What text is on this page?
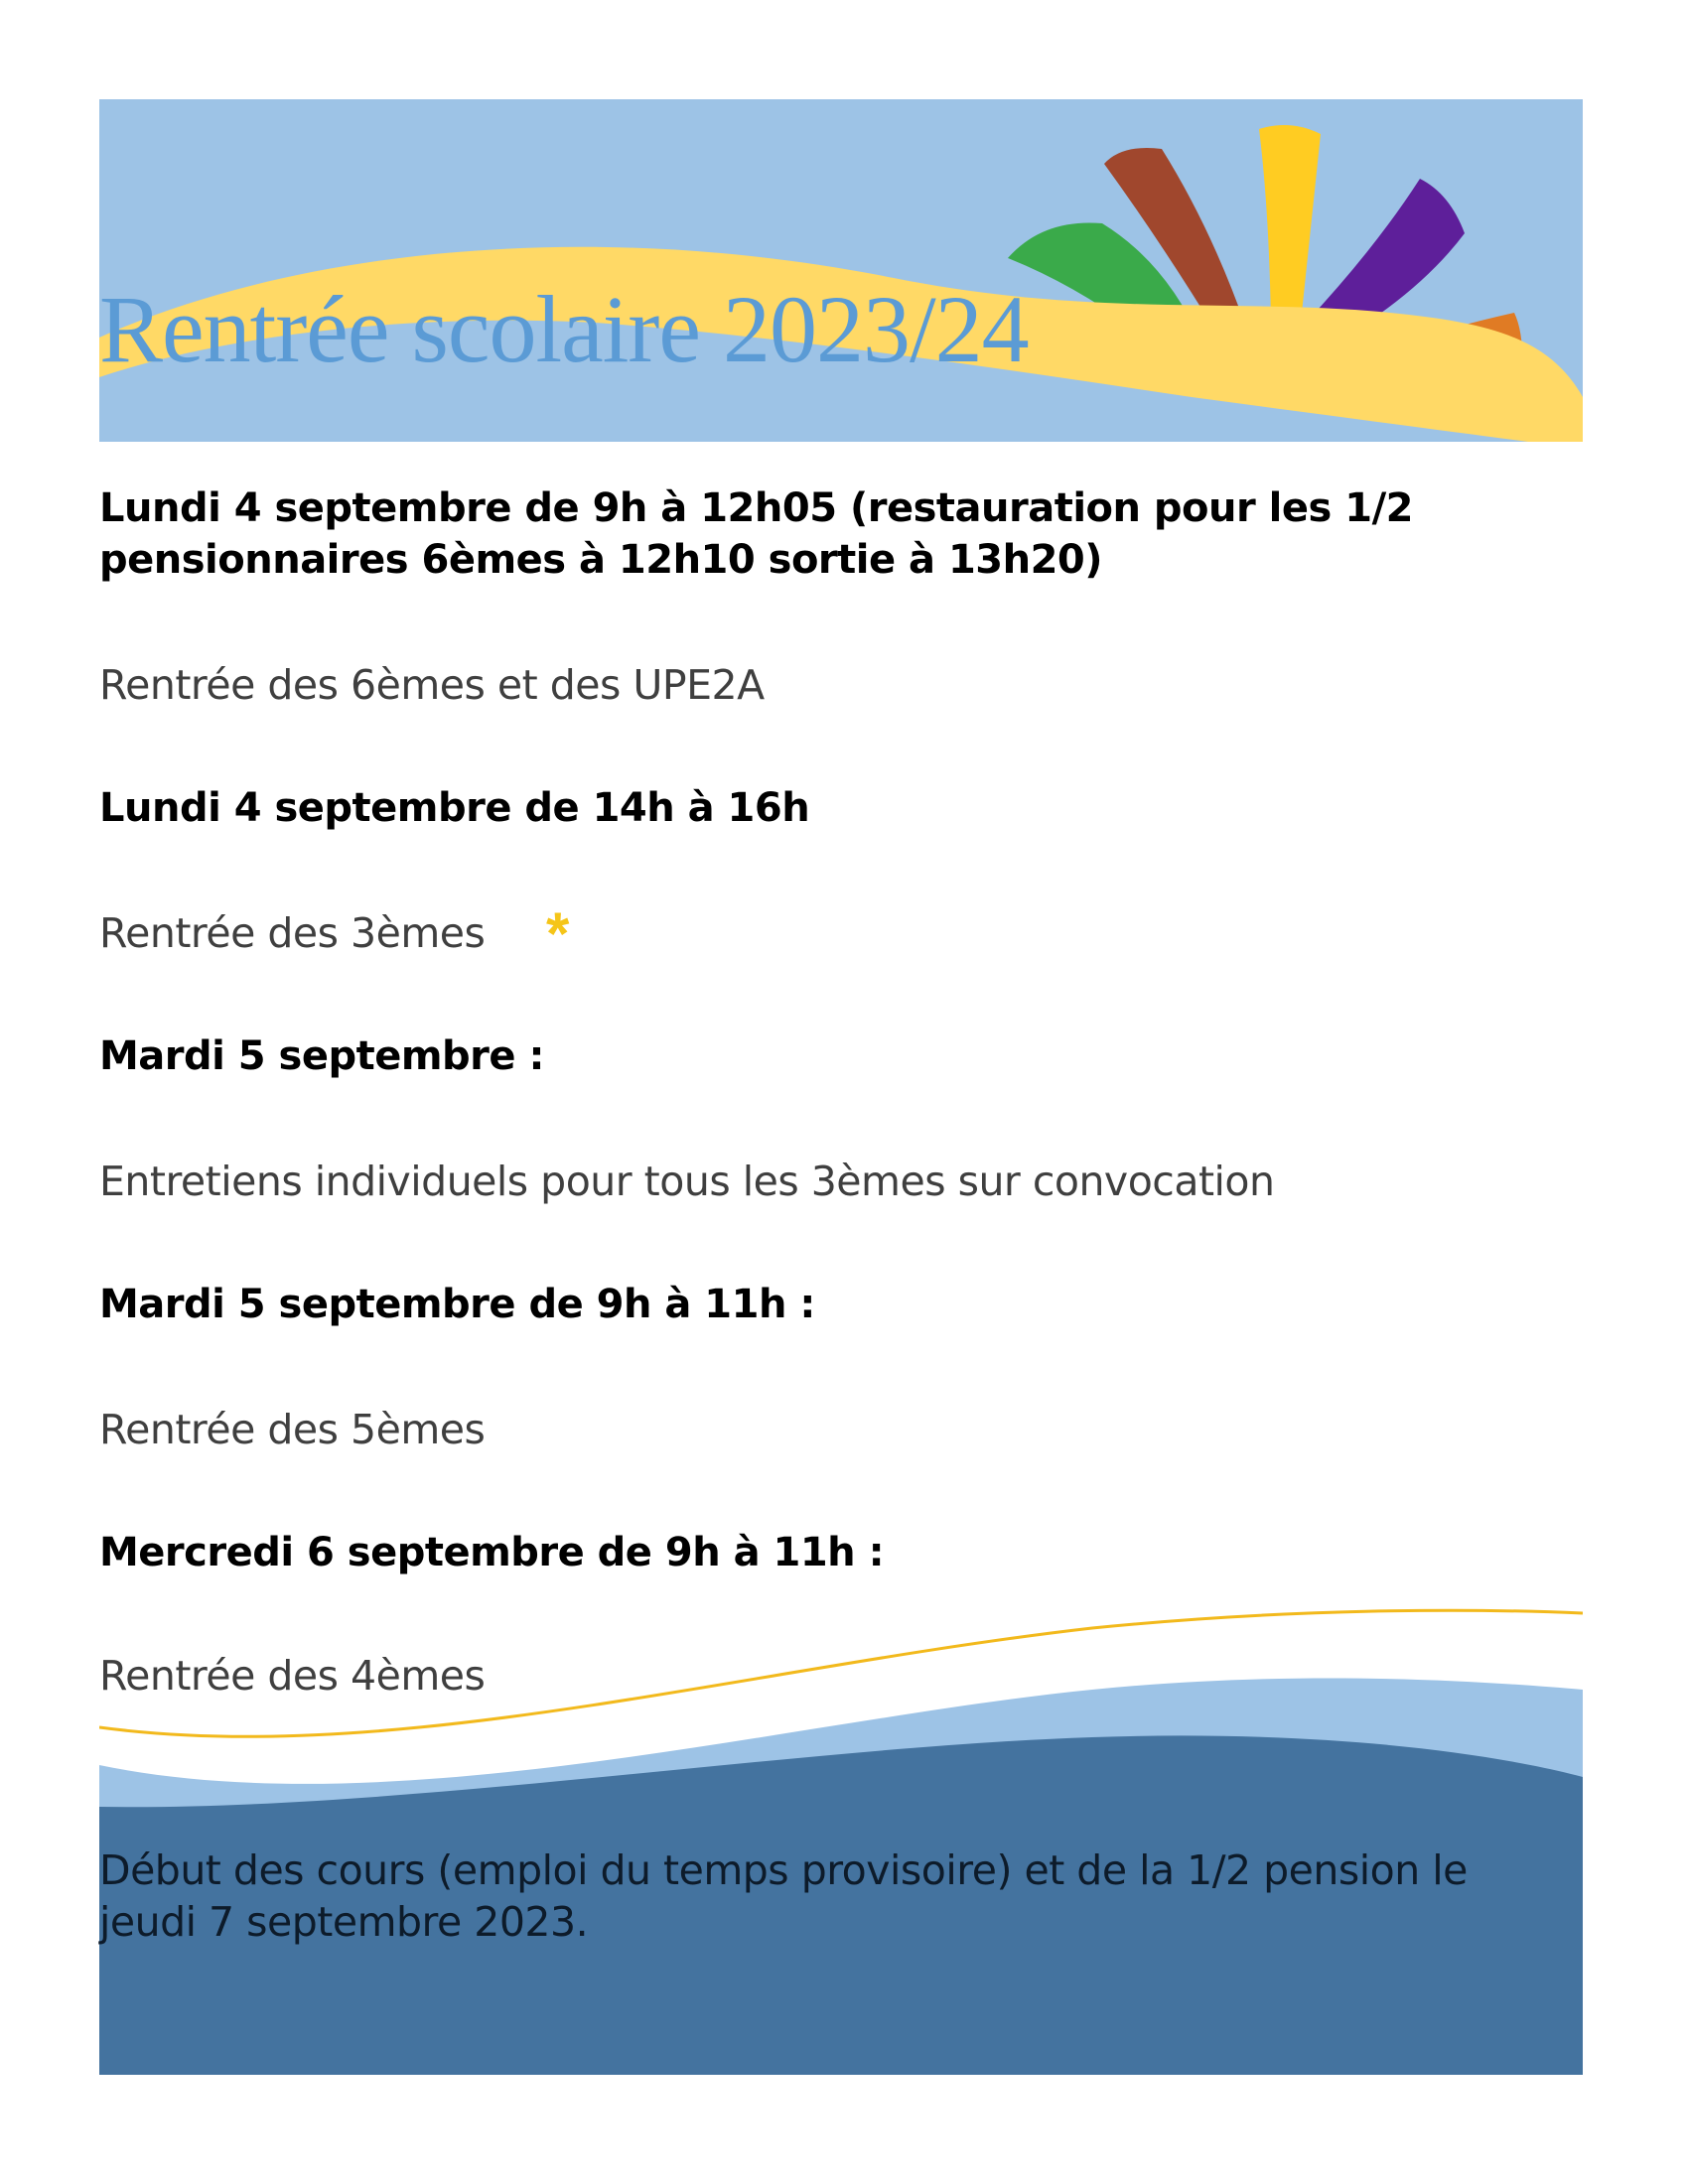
Rentrée scolaire 2023/24

Lundi 4 septembre de 9h à 12h05 (restauration pour les 1/2 pensionnaires 6èmes à 12h10 sortie à 13h20)

Rentrée des 6èmes et des UPE2A

Lundi 4 septembre de 14h à 16h

Rentrée des 3èmes *

Mardi 5 septembre :

Entretiens individuels pour tous les 3èmes sur convocation

Mardi 5 septembre de 9h à 11h :

Rentrée des 5èmes

Mercredi 6 septembre de 9h à 11h :

Rentrée des 4èmes

Début des cours (emploi du temps provisoire) et de la 1/2 pension le jeudi 7 septembre 2023.
